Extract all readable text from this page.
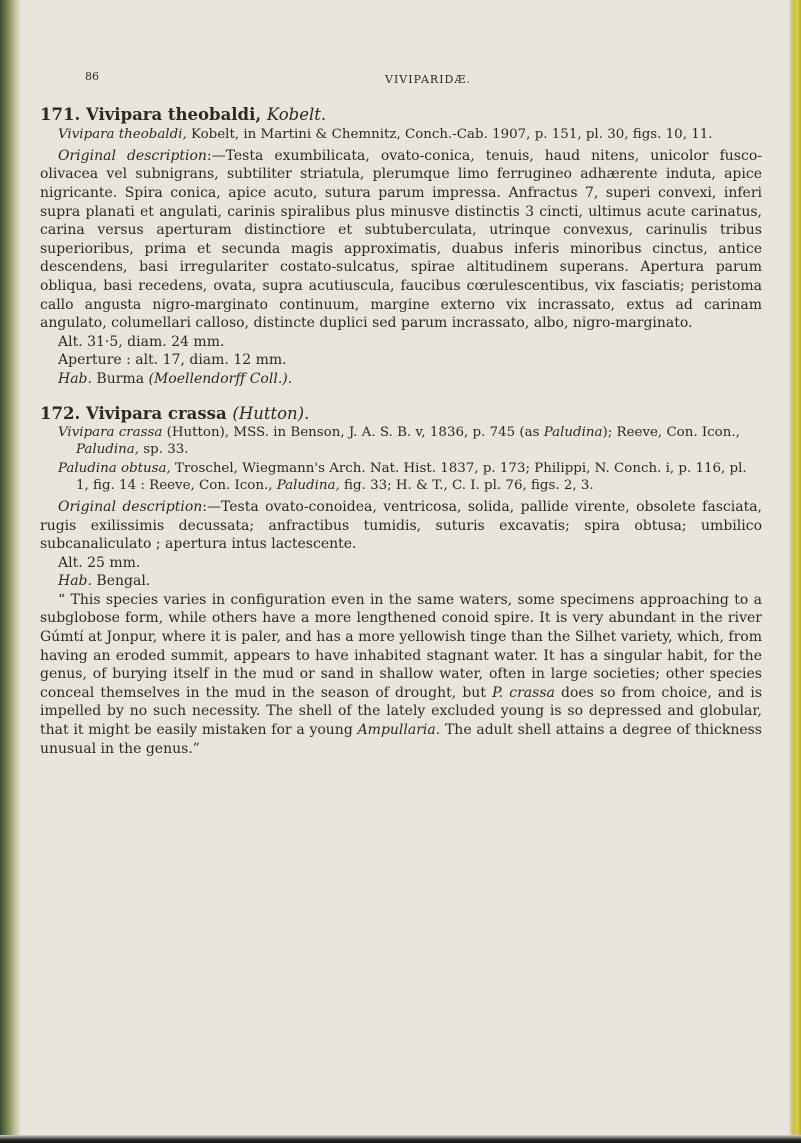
86	VIVIPARIDÆ.

171. Vivipara theobaldi, Kobelt.

Vivipara theobaldi, Kobelt, in Martini & Chemnitz, Conch.-Cab. 1907, p. 151, pl. 30, figs. 10, 11.

Original description:—Testa exumbilicata, ovato-conica, tenuis, haud nitens, unicolor fusco-olivacea vel subnigrans, subtiliter striatula, plerumque limo ferrugineo adhærente induta, apice nigricante. Spira conica, apice acuto, sutura parum impressa. Anfractus 7, superi convexi, inferi supra planati et angulati, carinis spiralibus plus minusve distinctis 3 cincti, ultimus acute carinatus, carina versus aperturam distinctiore et subtuberculata, utrinque convexus, carinulis tribus superioribus, prima et secunda magis approximatis, duabus inferis minoribus cinctus, antice descendens, basi irregulariter costato-sulcatus, spirae altitudinem superans. Apertura parum obliqua, basi recedens, ovata, supra acutiuscula, faucibus cœrulescentibus, vix fasciatis; peristoma callo angusta nigro-marginato continuum, margine externo vix incrassato, extus ad carinam angulato, columellari calloso, distincte duplici sed parum incrassato, albo, nigro-marginato.

Alt. 31·5, diam. 24 mm.

Aperture : alt. 17, diam. 12 mm.

Hab. Burma (Moellendorff Coll.).

172. Vivipara crassa (Hutton).

Vivipara crassa (Hutton), MSS. in Benson, J. A. S. B. v, 1836, p. 745 (as Paludina); Reeve, Con. Icon., Paludina, sp. 33.

Paludina obtusa, Troschel, Wiegmann's Arch. Nat. Hist. 1837, p. 173; Philippi, N. Conch. i, p. 116, pl. 1, fig. 14 : Reeve, Con. Icon., Paludina, fig. 33; H. & T., C. I. pl. 76, figs. 2, 3.

Original description:—Testa ovato-conoidea, ventricosa, solida, pallide virente, obsolete fasciata, rugis exilissimis decussata; anfractibus tumidis, suturis excavatis; spira obtusa; umbilico subcanaliculato ; apertura intus lactescente.

Alt. 25 mm.

Hab. Bengal.

“ This species varies in configuration even in the same waters, some specimens approaching to a subglobose form, while others have a more lengthened conoid spire. It is very abundant in the river Gúmtí at Jonpur, where it is paler, and has a more yellowish tinge than the Silhet variety, which, from having an eroded summit, appears to have inhabited stagnant water. It has a singular habit, for the genus, of burying itself in the mud or sand in shallow water, often in large societies; other species conceal themselves in the mud in the season of drought, but P. crassa does so from choice, and is impelled by no such necessity. The shell of the lately excluded young is so depressed and globular, that it might be easily mistaken for a young Ampullaria. The adult shell attains a degree of thickness unusual in the genus.”
